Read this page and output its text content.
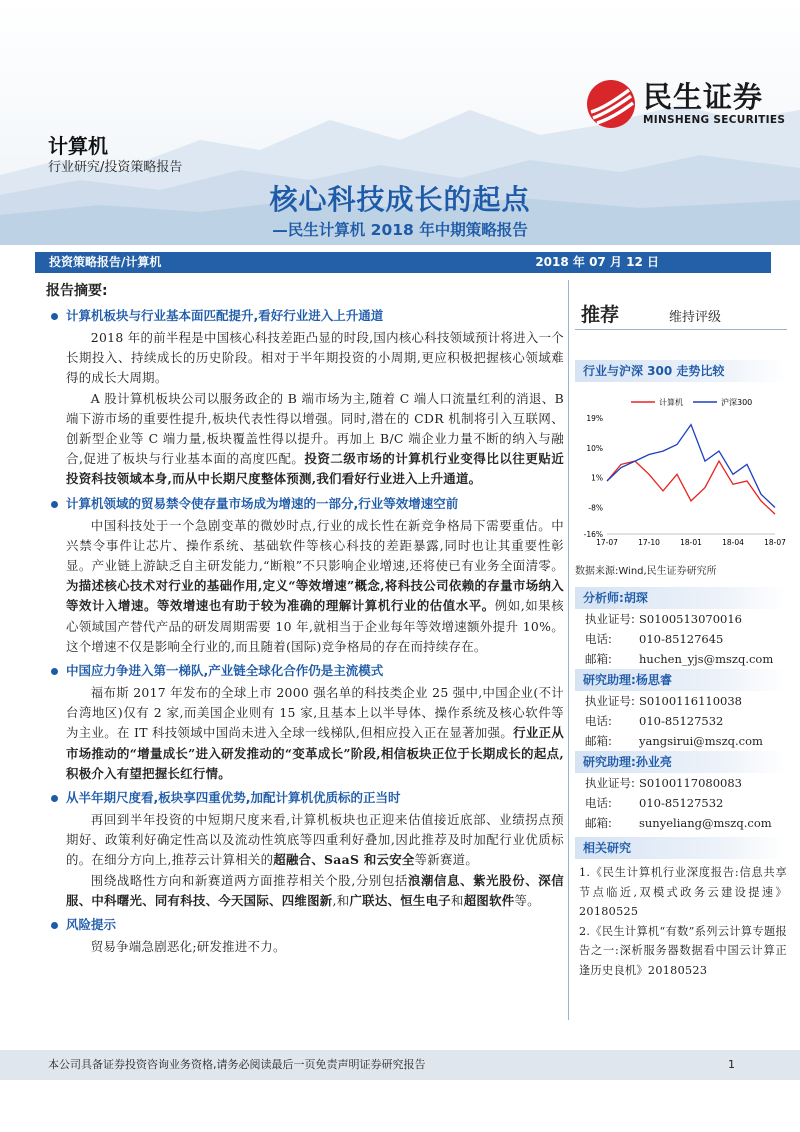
民生证券
MINSHENG SECURITIES
计算机
行业研究/投资策略报告
核心科技成长的起点
—民生计算机 2018 年中期策略报告
投资策略报告/计算机	2018 年 07 月 12 日
报告摘要:
计算机板块与行业基本面匹配提升,看好行业进入上升通道

2018 年的前半程是中国核心科技差距凸显的时段,国内核心科技领域预计将进入一个长期投入、持续成长的历史阶段。相对于半年期投资的小周期,更应积极把握核心领域难得的成长大周期。

A 股计算机板块公司以服务政企的 B 端市场为主,随着 C 端人口流量红利的消退、B 端下游市场的重要性提升,板块代表性得以增强。同时,潜在的 CDR 机制将引入互联网、创新型企业等 C 端力量,板块覆盖性得以提升。再加上 B/C 端企业力量不断的纳入与融合,促进了板块与行业基本面的高度匹配。投资二级市场的计算机行业变得比以往更贴近投资科技领域本身,而从中长期尺度整体预测,我们看好行业进入上升通道。

计算机领域的贸易禁令使存量市场成为增速的一部分,行业等效增速空前

中国科技处于一个急剧变革的微妙时点,行业的成长性在新竞争格局下需要重估。中兴禁令事件让芯片、操作系统、基础软件等核心科技的差距暴露,同时也让其重要性彰显。产业链上游缺乏自主研发能力,“断粮”不只影响企业增速,还将使已有业务全面清零。为描述核心技术对行业的基础作用,定义“等效增速”概念,将科技公司依赖的存量市场纳入等效计入增速。等效增速也有助于较为准确的理解计算机行业的估值水平。例如,如果核心领域国产替代产品的研发周期需要 10 年,就相当于企业每年等效增速额外提升 10%。这个增速不仅是影响全行业的,而且随着(国际)竞争格局的存在而持续存在。

中国应力争进入第一梯队,产业链全球化合作仍是主流模式

福布斯 2017 年发布的全球上市 2000 强名单的科技类企业 25 强中,中国企业(不计台湾地区)仅有 2 家,而美国企业则有 15 家,且基本上以半导体、操作系统及核心软件等为主业。在 IT 科技领域中国尚未进入全球一线梯队,但相应投入正在显著加强。行业正从市场推动的“增量成长”进入研发推动的“变革成长”阶段,相信板块正位于长期成长的起点,积极介入有望把握长红行情。

从半年期尺度看,板块享四重优势,加配计算机优质标的正当时

再回到半年投资的中短期尺度来看,计算机板块也正迎来估值接近底部、业绩拐点预期好、政策利好确定性高以及流动性筑底等四重利好叠加,因此推荐及时加配行业优质标的。在细分方向上,推荐云计算相关的超融合、SaaS 和云安全等新赛道。

围绕战略性方向和新赛道两方面推荐相关个股,分别包括浪潮信息、紫光股份、深信服、中科曙光、同有科技、今天国际、四维图新,和广联达、恒生电子和超图软件等。

风险提示

贸易争端急剧恶化;研发推进不力。

推荐	维持评级
行业与沪深 300 走势比较
计算机	沪深300
19%
10%
1%
-8%
-16%
17-07	17-10	18-01	18-04	18-07
数据来源:Wind,民生证券研究所
分析师: 胡琛
执业证号: S0100513070016
电话:	010-85127645
邮箱:	huchen_yjs@mszq.com
研究助理: 杨思睿
执业证号: S0100116110038
电话:	010-85127532
邮箱:	yangsirui@mszq.com
研究助理: 孙业亮
执业证号: S0100117080083
电话:	010-85127532
邮箱:	sunyeliang@mszq.com
相关研究

1.《民生计算机行业深度报告:信息共享节点临近,双模式政务云建设提速》20180525

2.《民生计算机“有数”系列云计算专题报告之一:深析服务器数据看中国云计算正逢历史良机》20180523

本公司具备证券投资咨询业务资格,请务必阅读最后一页免责声明证券研究报告	1
